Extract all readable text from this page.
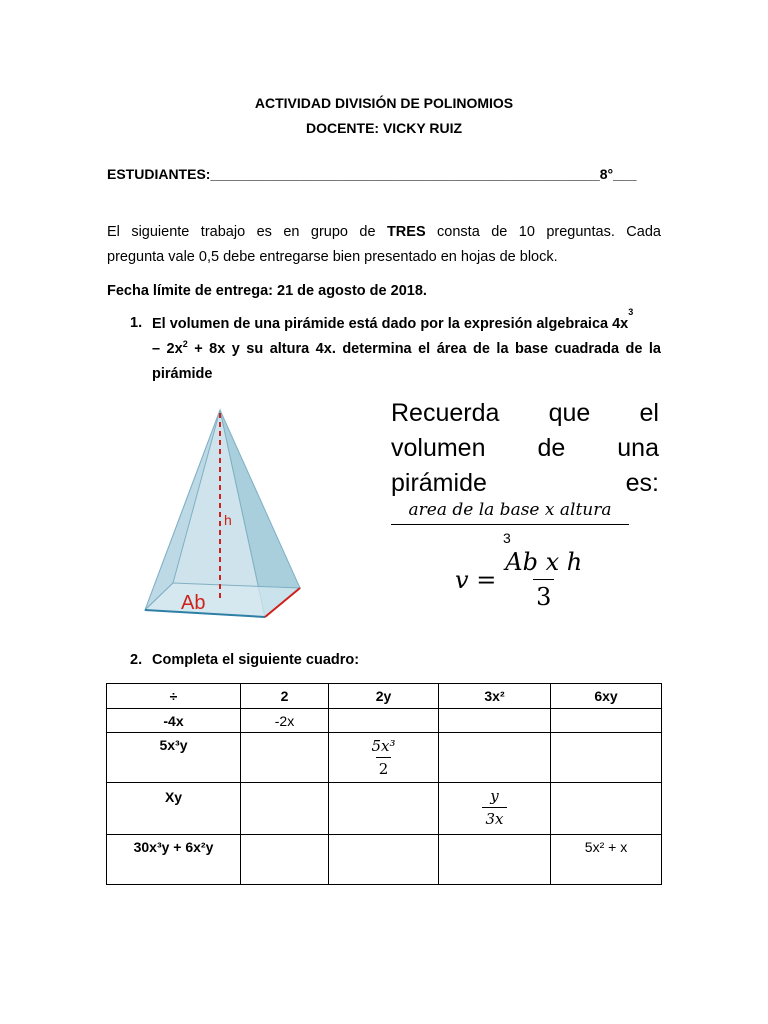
ACTIVIDAD DIVISIÓN DE POLINOMIOS
DOCENTE: VICKY RUIZ
ESTUDIANTES:__________________________________________________8°___
El siguiente trabajo es en grupo de TRES consta de 10 preguntas. Cada
pregunta vale 0,5 debe entregarse bien presentado en hojas de block.
Fecha límite de entrega: 21 de agosto de 2018.
1. El volumen de una pirámide está dado por la expresión algebraica 4x
3
– $2x^2 + 8x$ y su altura 4x. determina el área de la base cuadrada de la
pirámide
h
Ab
Recuerda que el
volumen de una
pirámide	es:
area de la base x altura
3
$v = \frac{\text{Ab x h}}{3}$
2. Completa el siguiente cuadro:
÷	2	2y	3x²	6xy
-4x	-2x			
5x³y		$\frac{\text{5x³}}{2}$

Xy			$\frac{y}{3x}$

30x³y + 6x²y				5x² + x
